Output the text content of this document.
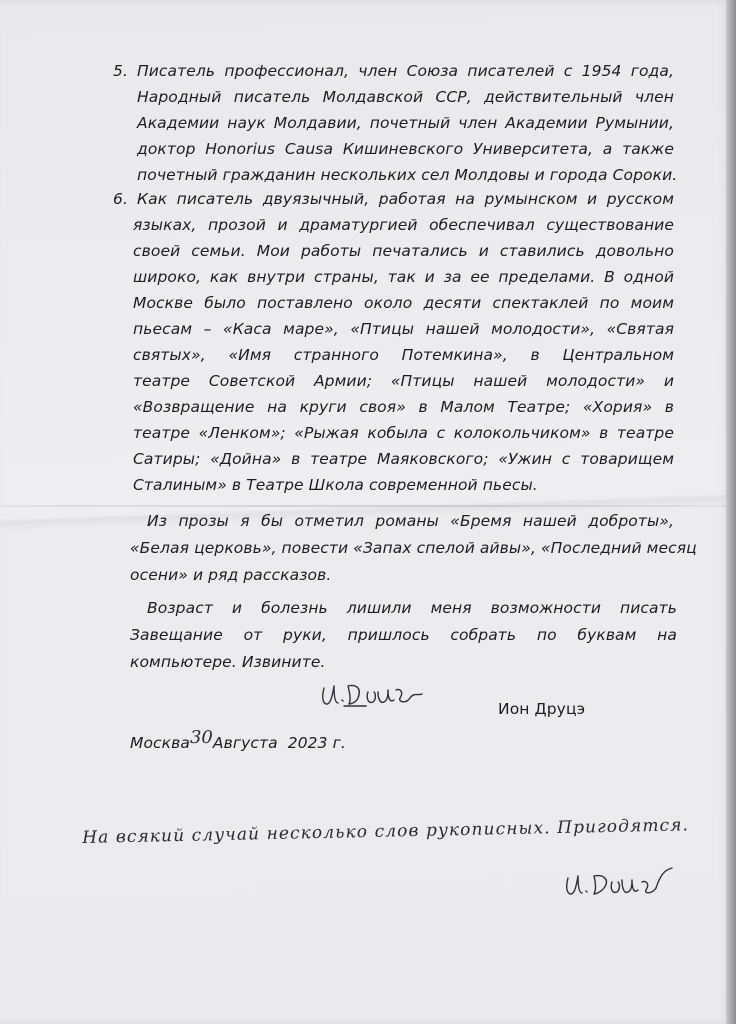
5. Писатель профессионал, член Союза писателей с 1954 года,
Народный писатель Молдавской ССР, действительный член
Академии наук Молдавии, почетный член Академии Румынии,
доктор Honorius Causa Кишиневского Университета, а также
почетный гражданин нескольких сел Молдовы и города Сороки.
6. Как писатель двуязычный, работая на румынском и русском
языках, прозой и драматургией обеспечивал существование
своей семьи. Мои работы печатались и ставились довольно
широко, как внутри страны, так и за ее пределами. В одной
Москве было поставлено около десяти спектаклей по моим
пьесам – «Каса маре», «Птицы нашей молодости», «Святая
святых», «Имя странного Потемкина», в Центральном
театре Советской Армии; «Птицы нашей молодости» и
«Возвращение на круги своя» в Малом Театре; «Хория» в
театре «Ленком»; «Рыжая кобыла с колокольчиком» в театре
Сатиры; «Дойна» в театре Маяковского; «Ужин с товарищем
Сталиным» в Театре Школа современной пьесы.
Из прозы я бы отметил романы «Бремя нашей доброты»,
«Белая церковь», повести «Запах спелой айвы», «Последний месяц
осени» и ряд рассказов.
Возраст и болезнь лишили меня возможности писать
Завещание от руки, пришлось собрать по буквам на
компьютере. Извините.
Ион Друцэ
Москва30Августа  2023 г.
На всякий случай несколько слов рукописных. Пригодятся.
